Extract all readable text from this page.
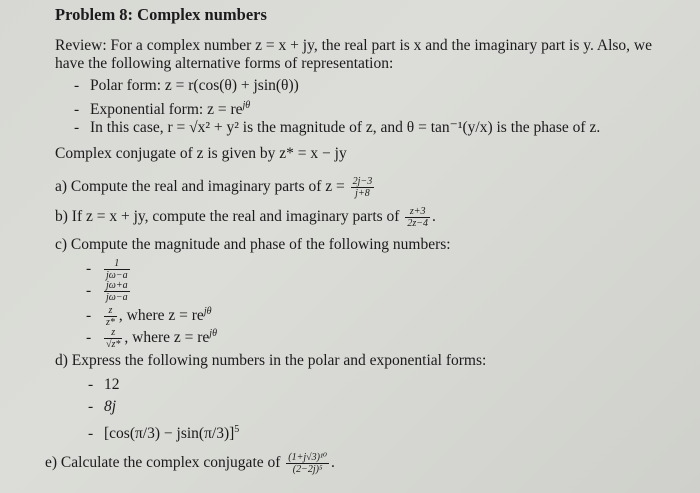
Problem 8: Complex numbers
Review: For a complex number z = x + jy, the real part is x and the imaginary part is y. Also, we
have the following alternative forms of representation:
- Polar form: z = r(cos(θ) + jsin(θ))
- Exponential form: $z = re^{j\theta}$
- In this case, r = √x² + y² is the magnitude of z, and θ = tan⁻¹(y/x) is the phase of z.
Complex conjugate of z is given by z* = x − jy
a) Compute the real and imaginary parts of $z = \frac{2j-3}{j+8}$
b) If z = x + jy, compute the real and imaginary parts of $\frac{z+3}{2z-4}$ .
c) Compute the magnitude and phase of the following numbers:
- $\frac{1}{j\omega-a}$
- $\frac{j\omega+a}{j\omega-a}$
- $\frac{z}{z*}$ , where $z = re^{j\theta}$
- $\frac{z}{√z*}$ , where $z = re^{j\theta}$
d) Express the following numbers in the polar and exponential forms:
- 12
- 8j
- $[\cos(\pi/3) - jsin(\pi/3)]^5$
e) Calculate the complex conjugate of $\frac{\text{(1+j√3)¹⁰}}{\text{(2−2j)⁵}}$ .
